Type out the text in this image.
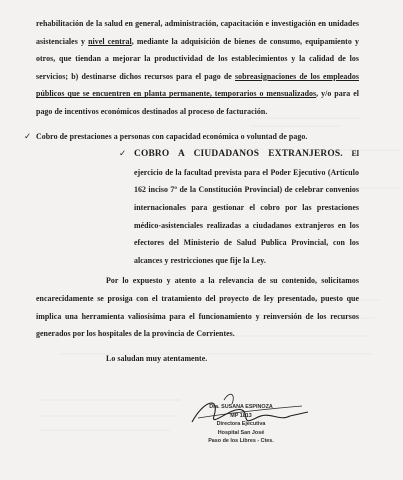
rehabilitación de la salud en general, administración, capacitación e investigación en unidades asistenciales y nivel central, mediante la adquisición de bienes de consumo, equipamiento y otros, que tiendan a mejorar la productividad de los establecimientos y la calidad de los servicios; b) destinarse dichos recursos para el pago de sobreasignaciones de los empleados públicos que se encuentren en planta permanente, temporarios o mensualizados, y/o para el pago de incentivos económicos destinados al proceso de facturación.

✓ Cobro de prestaciones a personas con capacidad económica o voluntad de pago.

✓ COBRO A CIUDADANOS EXTRANJEROS. El ejercicio de la facultad prevista para el Poder Ejecutivo (Artículo 162 inciso 7º de la Constitución Provincial) de celebrar convenios internacionales para gestionar el cobro por las prestaciones médico-asistenciales realizadas a ciudadanos extranjeros en los efectores del Ministerio de Salud Publica Provincial, con los alcances y restricciones que fije la Ley.

Por lo expuesto y atento a la relevancia de su contenido, solicitamos encarecidamente se prosiga con el tratamiento del proyecto de ley presentado, puesto que implica una herramienta valiosísima para el funcionamiento y reinversión de los recursos generados por los hospitales de la provincia de Corrientes.

Lo saludan muy atentamente.

Dra. SUSANA ESPINOZA
MP 1813
Directora Ejecutiva
Hospital San José
Paso de los Libres - Ctes.
